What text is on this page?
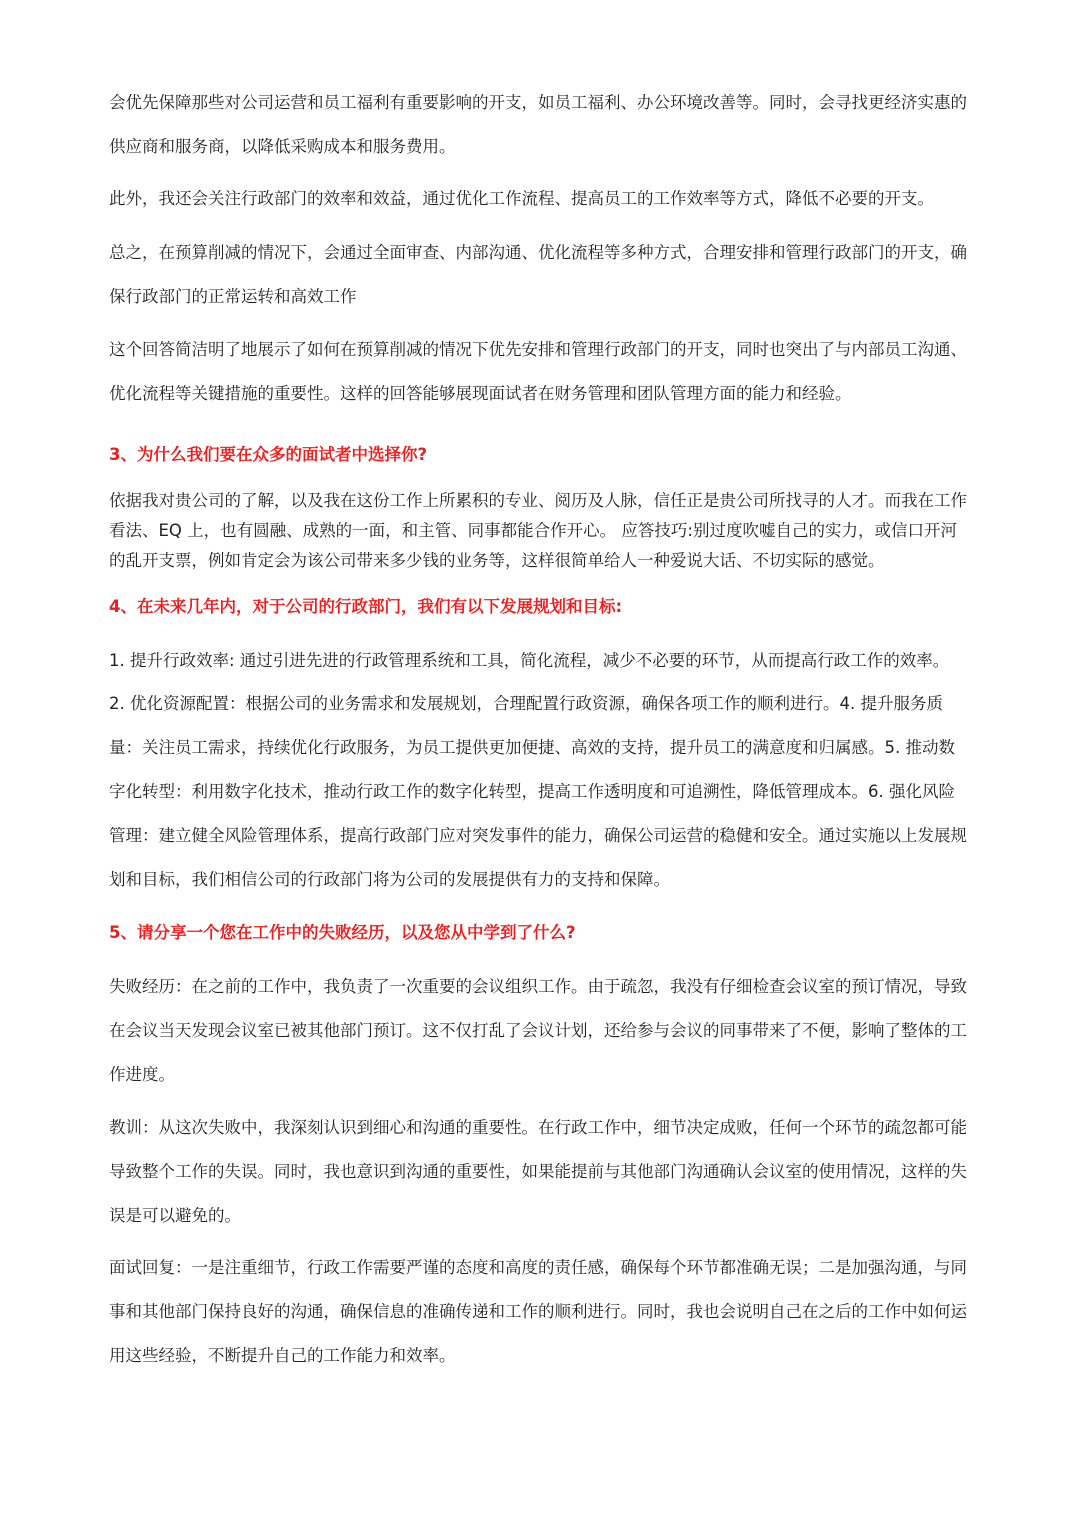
会优先保障那些对公司运营和员工福利有重要影响的开支，如员工福利、办公环境改善等。同时，会寻找更经济实惠的供应商和服务商，以降低采购成本和服务费用。

此外，我还会关注行政部门的效率和效益，通过优化工作流程、提高员工的工作效率等方式，降低不必要的开支。

总之，在预算削减的情况下，会通过全面审查、内部沟通、优化流程等多种方式，合理安排和管理行政部门的开支，确保行政部门的正常运转和高效工作

这个回答简洁明了地展示了如何在预算削减的情况下优先安排和管理行政部门的开支，同时也突出了与内部员工沟通、优化流程等关键措施的重要性。这样的回答能够展现面试者在财务管理和团队管理方面的能力和经验。

3、为什么我们要在众多的面试者中选择你?

依据我对贵公司的了解，以及我在这份工作上所累积的专业、阅历及人脉，信任正是贵公司所找寻的人才。而我在工作看法、EQ 上，也有圆融、成熟的一面，和主管、同事都能合作开心。 应答技巧:别过度吹嘘自己的实力，或信口开河的乱开支票，例如肯定会为该公司带来多少钱的业务等，这样很简单给人一种爱说大话、不切实际的感觉。

4、在未来几年内，对于公司的行政部门，我们有以下发展规划和目标:

1. 提升行政效率: 通过引进先进的行政管理系统和工具，简化流程，减少不必要的环节，从而提高行政工作的效率。

2. 优化资源配置：根据公司的业务需求和发展规划，合理配置行政资源，确保各项工作的顺利进行。4. 提升服务质量：关注员工需求，持续优化行政服务，为员工提供更加便捷、高效的支持，提升员工的满意度和归属感。5. 推动数字化转型：利用数字化技术，推动行政工作的数字化转型，提高工作透明度和可追溯性，降低管理成本。6. 强化风险管理：建立健全风险管理体系，提高行政部门应对突发事件的能力，确保公司运营的稳健和安全。通过实施以上发展规划和目标，我们相信公司的行政部门将为公司的发展提供有力的支持和保障。

5、请分享一个您在工作中的失败经历，以及您从中学到了什么?

失败经历：在之前的工作中，我负责了一次重要的会议组织工作。由于疏忽，我没有仔细检查会议室的预订情况，导致在会议当天发现会议室已被其他部门预订。这不仅打乱了会议计划，还给参与会议的同事带来了不便，影响了整体的工作进度。

教训：从这次失败中，我深刻认识到细心和沟通的重要性。在行政工作中，细节决定成败，任何一个环节的疏忽都可能导致整个工作的失误。同时，我也意识到沟通的重要性，如果能提前与其他部门沟通确认会议室的使用情况，这样的失误是可以避免的。

面试回复：一是注重细节，行政工作需要严谨的态度和高度的责任感，确保每个环节都准确无误；二是加强沟通，与同事和其他部门保持良好的沟通，确保信息的准确传递和工作的顺利进行。同时，我也会说明自己在之后的工作中如何运用这些经验，不断提升自己的工作能力和效率。
